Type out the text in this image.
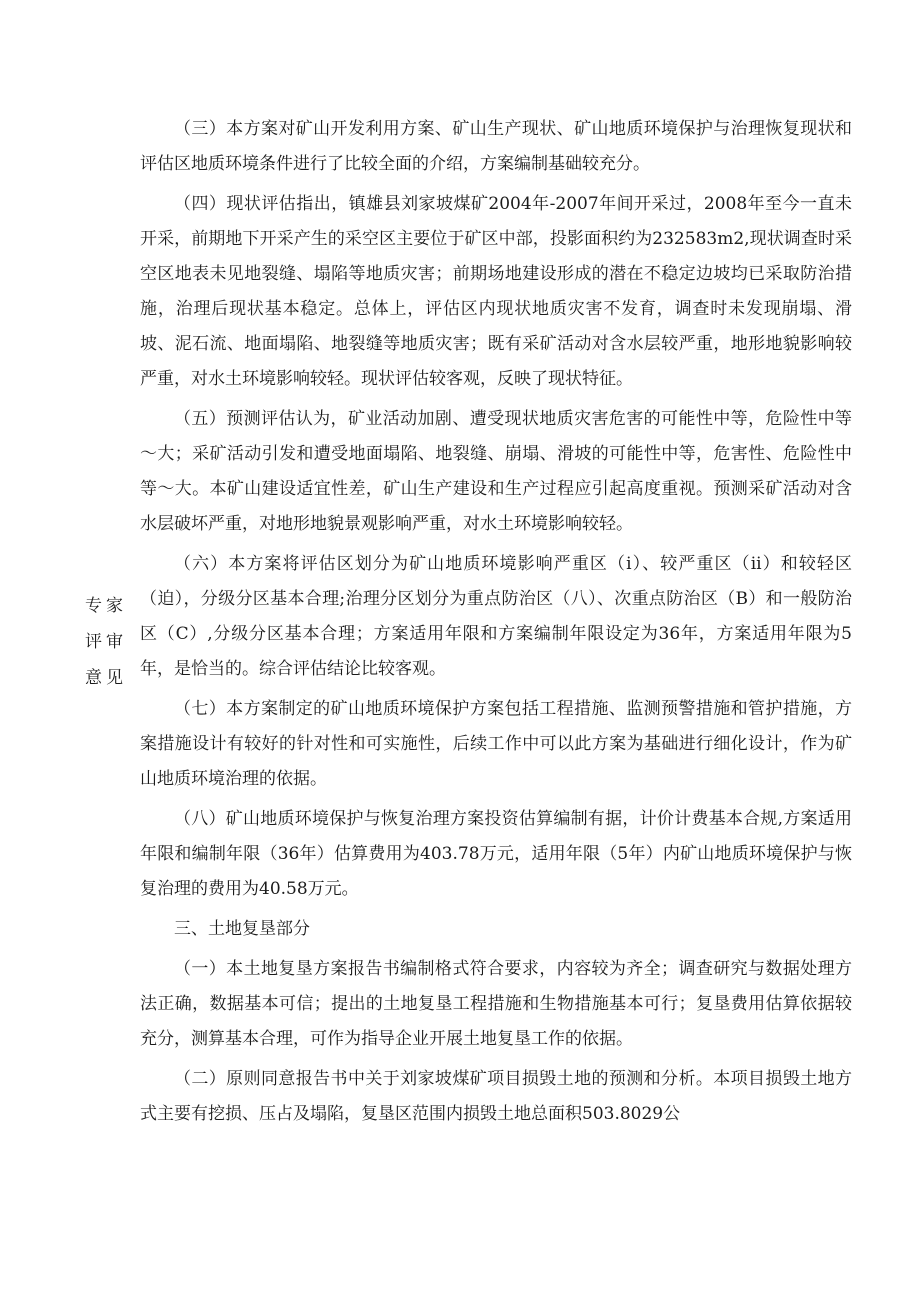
专家
评审
意见

（三）本方案对矿山开发利用方案、矿山生产现状、矿山地质环境保护与治理恢复现状和评估区地质环境条件进行了比较全面的介绍，方案编制基础较充分。

（四）现状评估指出，镇雄县刘家坡煤矿2004年-2007年间开采过，2008年至今一直未开采，前期地下开采产生的采空区主要位于矿区中部，投影面积约为232583m2,现状调查时采空区地表未见地裂缝、塌陷等地质灾害；前期场地建设形成的潜在不稳定边坡均已采取防治措施，治理后现状基本稳定。总体上，评估区内现状地质灾害不发育，调查时未发现崩塌、滑坡、泥石流、地面塌陷、地裂缝等地质灾害；既有采矿活动对含水层较严重，地形地貌影响较严重，对水土环境影响较轻。现状评估较客观，反映了现状特征。

（五）预测评估认为，矿业活动加剧、遭受现状地质灾害危害的可能性中等，危险性中等～大；采矿活动引发和遭受地面塌陷、地裂缝、崩塌、滑坡的可能性中等，危害性、危险性中等～大。本矿山建设适宜性差，矿山生产建设和生产过程应引起高度重视。预测采矿活动对含水层破坏严重，对地形地貌景观影响严重，对水土环境影响较轻。

（六）本方案将评估区划分为矿山地质环境影响严重区（i）、较严重区（ii）和较轻区（迫），分级分区基本合理;治理分区划分为重点防治区（八）、次重点防治区（B）和一般防治区（C）,分级分区基本合理；方案适用年限和方案编制年限设定为36年，方案适用年限为5年，是恰当的。综合评估结论比较客观。

（七）本方案制定的矿山地质环境保护方案包括工程措施、监测预警措施和管护措施，方案措施设计有较好的针对性和可实施性，后续工作中可以此方案为基础进行细化设计，作为矿山地质环境治理的依据。

（八）矿山地质环境保护与恢复治理方案投资估算编制有据，计价计费基本合规,方案适用年限和编制年限（36年）估算费用为403.78万元，适用年限（5年）内矿山地质环境保护与恢复治理的费用为40.58万元。

三、土地复垦部分

（一）本土地复垦方案报告书编制格式符合要求，内容较为齐全；调查研究与数据处理方法正确，数据基本可信；提出的土地复垦工程措施和生物措施基本可行；复垦费用估算依据较充分，测算基本合理，可作为指导企业开展土地复垦工作的依据。

（二）原则同意报告书中关于刘家坡煤矿项目损毁土地的预测和分析。本项目损毁土地方式主要有挖损、压占及塌陷，复垦区范围内损毁土地总面积503.8029公
